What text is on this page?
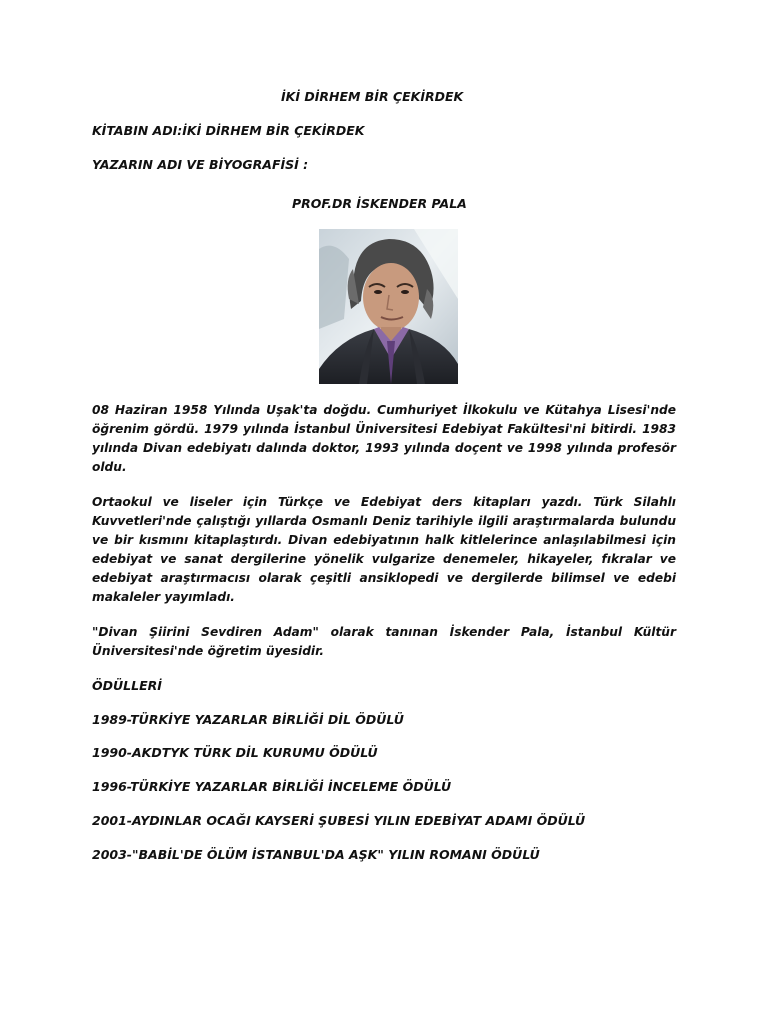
İKİ DİRHEM BİR ÇEKİRDEK
KİTABIN ADI:İKİ DİRHEM BİR ÇEKİRDEK
YAZARIN ADI VE BİYOGRAFİSİ :
PROF.DR İSKENDER PALA

08 Haziran 1958 Yılında Uşak'ta doğdu. Cumhuriyet İlkokulu ve Kütahya Lisesi'nde öğrenim gördü. 1979 yılında İstanbul Üniversitesi Edebiyat Fakültesi'ni bitirdi. 1983 yılında Divan edebiyatı dalında doktor, 1993 yılında doçent ve 1998 yılında profesör oldu.

Ortaokul ve liseler için Türkçe ve Edebiyat ders kitapları yazdı. Türk Silahlı Kuvvetleri'nde çalıştığı yıllarda Osmanlı Deniz tarihiyle ilgili araştırmalarda bulundu ve bir kısmını kitaplaştırdı. Divan edebiyatının halk kitlelerince anlaşılabilmesi için edebiyat ve sanat dergilerine yönelik vulgarize denemeler, hikayeler, fıkralar ve edebiyat araştırmacısı olarak çeşitli ansiklopedi ve dergilerde bilimsel ve edebi makaleler yayımladı.

"Divan Şiirini Sevdiren Adam" olarak tanınan İskender Pala, İstanbul Kültür Üniversitesi'nde öğretim üyesidir.

ÖDÜLLERİ
1989-TÜRKİYE YAZARLAR BİRLİĞİ DİL ÖDÜLÜ
1990-AKDTYK TÜRK DİL KURUMU ÖDÜLÜ
1996-TÜRKİYE YAZARLAR BİRLİĞİ İNCELEME ÖDÜLÜ
2001-AYDINLAR OCAĞI KAYSERİ ŞUBESİ YILIN EDEBİYAT ADAMI ÖDÜLÜ
2003-"BABİL'DE ÖLÜM İSTANBUL'DA AŞK" YILIN ROMANI ÖDÜLÜ
